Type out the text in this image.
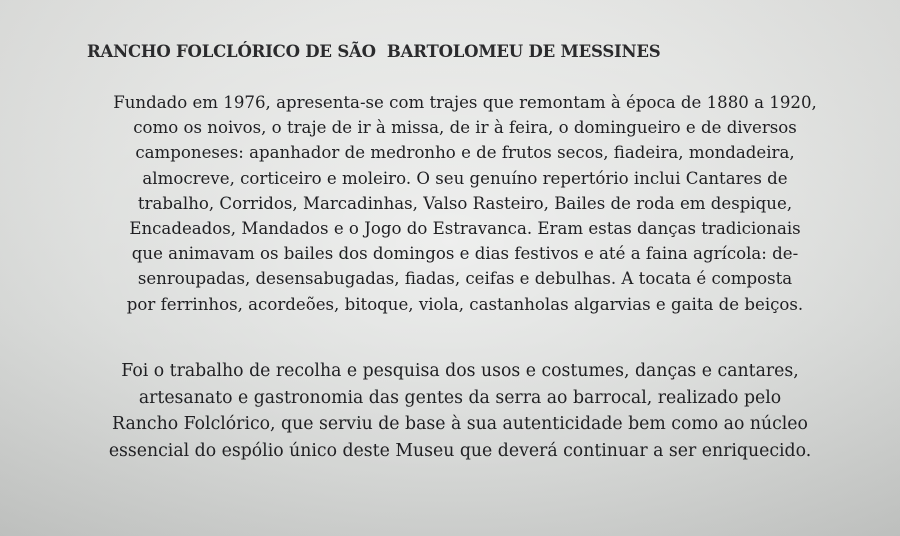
RANCHO FOLCLÓRICO DE SÃO  BARTOLOMEU DE MESSINES
Fundado em 1976, apresenta-se com trajes que remontam à época de 1880 a 1920,
como os noivos, o traje de ir à missa, de ir à feira, o domingueiro e de diversos
camponeses: apanhador de medronho e de frutos secos, fiadeira, mondadeira,
almocreve, corticeiro e moleiro. O seu genuíno repertório inclui Cantares de
trabalho, Corridos, Marcadinhas, Valso Rasteiro, Bailes de roda em despique,
Encadeados, Mandados e o Jogo do Estravanca. Eram estas danças tradicionais
que animavam os bailes dos domingos e dias festivos e até a faina agrícola: de-
senroupadas, desensabugadas, fiadas, ceifas e debulhas. A tocata é composta
por ferrinhos, acordeões, bitoque, viola, castanholas algarvias e gaita de beiços.
Foi o trabalho de recolha e pesquisa dos usos e costumes, danças e cantares,
artesanato e gastronomia das gentes da serra ao barrocal, realizado pelo
Rancho Folclórico, que serviu de base à sua autenticidade bem como ao núcleo
essencial do espólio único deste Museu que deverá continuar a ser enriquecido.
